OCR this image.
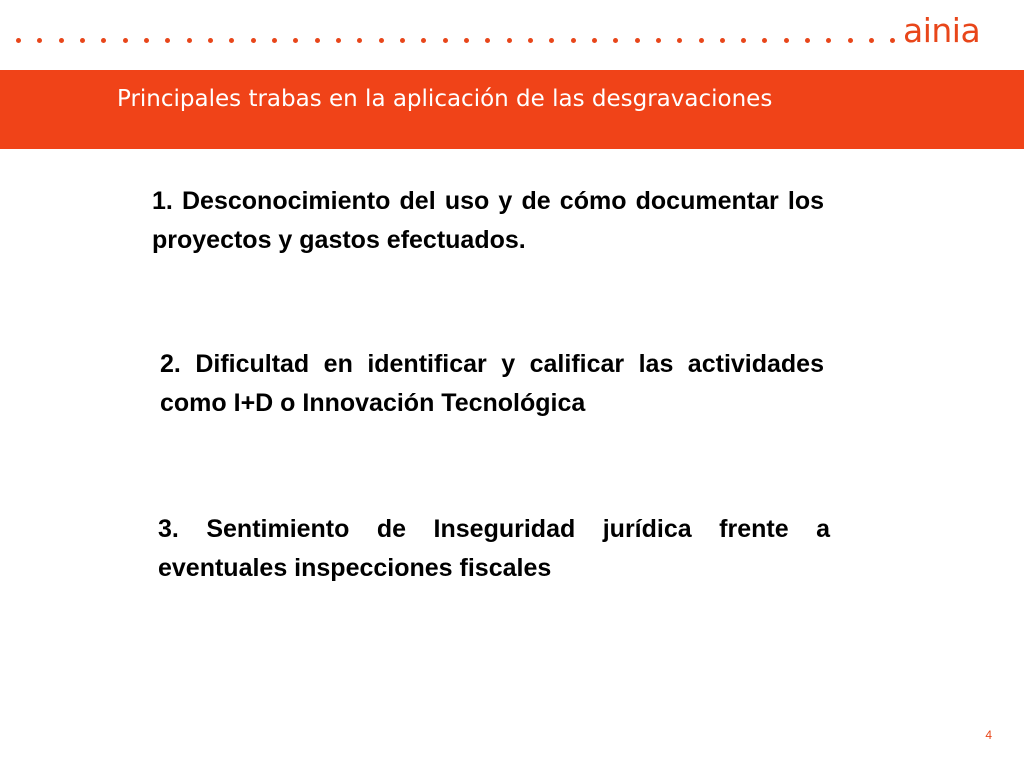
ainia
Principales trabas en la aplicación de las desgravaciones

1. Desconocimiento del uso y de cómo documentar los proyectos y gastos efectuados.

2. Dificultad en identificar y calificar las actividades como I+D o Innovación Tecnológica

3. Sentimiento de Inseguridad jurídica frente a eventuales inspecciones fiscales

4
